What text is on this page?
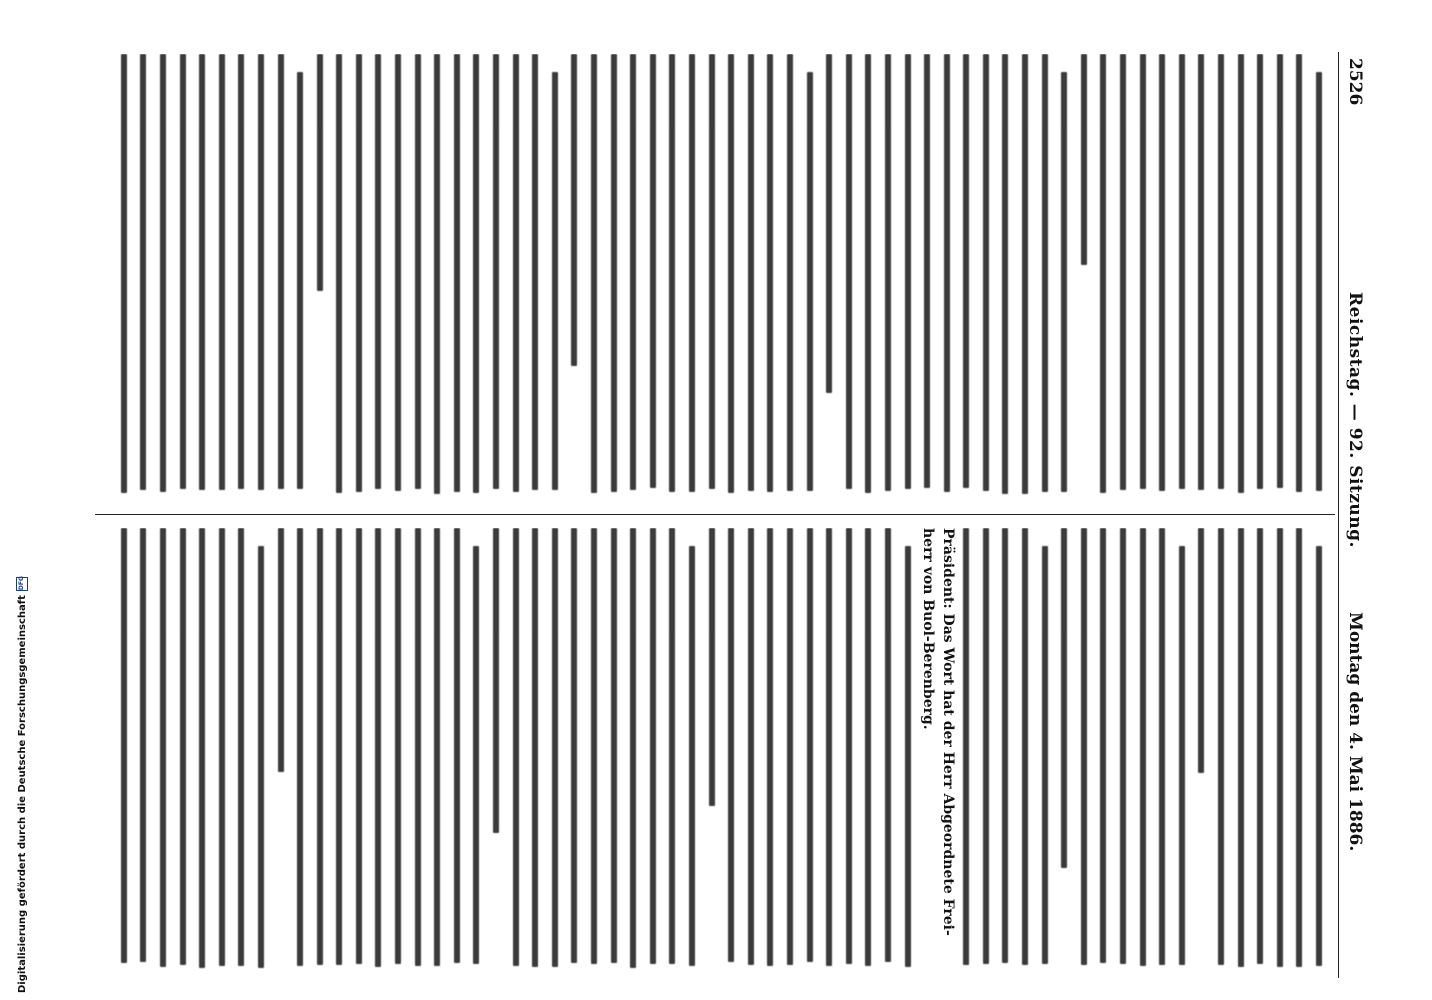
2526
Reichstag. — 92. Sitzung.
Montag den 4. Mai 1886.
Präsident: Das Wort hat der Herr Abgeordnete Frei-
herr von Buol-Berenberg.
Digitalisierung gefördert durch die Deutsche ForschungsgemeinschaftDFG
